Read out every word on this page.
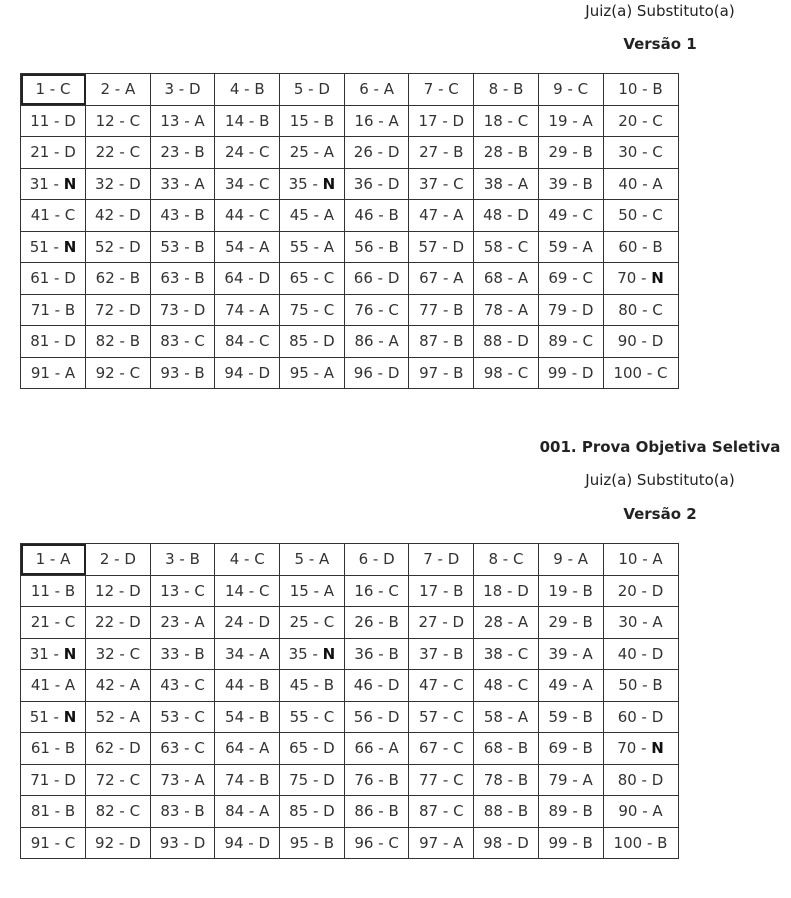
Juiz(a) Substituto(a)
Versão 1
1 - C	2 - A	3 - D	4 - B	5 - D	6 - A	7 - C	8 - B	9 - C	10 - B
11 - D	12 - C	13 - A	14 - B	15 - B	16 - A	17 - D	18 - C	19 - A	20 - C
21 - D	22 - C	23 - B	24 - C	25 - A	26 - D	27 - B	28 - B	29 - B	30 - C
31 - N	32 - D	33 - A	34 - C	35 - N	36 - D	37 - C	38 - A	39 - B	40 - A
41 - C	42 - D	43 - B	44 - C	45 - A	46 - B	47 - A	48 - D	49 - C	50 - C
51 - N	52 - D	53 - B	54 - A	55 - A	56 - B	57 - D	58 - C	59 - A	60 - B
61 - D	62 - B	63 - B	64 - D	65 - C	66 - D	67 - A	68 - A	69 - C	70 - N
71 - B	72 - D	73 - D	74 - A	75 - C	76 - C	77 - B	78 - A	79 - D	80 - C
81 - D	82 - B	83 - C	84 - C	85 - D	86 - A	87 - B	88 - D	89 - C	90 - D
91 - A	92 - C	93 - B	94 - D	95 - A	96 - D	97 - B	98 - C	99 - D	100 - C
001. Prova Objetiva Seletiva
Juiz(a) Substituto(a)
Versão 2
1 - A	2 - D	3 - B	4 - C	5 - A	6 - D	7 - D	8 - C	9 - A	10 - A
11 - B	12 - D	13 - C	14 - C	15 - A	16 - C	17 - B	18 - D	19 - B	20 - D
21 - C	22 - D	23 - A	24 - D	25 - C	26 - B	27 - D	28 - A	29 - B	30 - A
31 - N	32 - C	33 - B	34 - A	35 - N	36 - B	37 - B	38 - C	39 - A	40 - D
41 - A	42 - A	43 - C	44 - B	45 - B	46 - D	47 - C	48 - C	49 - A	50 - B
51 - N	52 - A	53 - C	54 - B	55 - C	56 - D	57 - C	58 - A	59 - B	60 - D
61 - B	62 - D	63 - C	64 - A	65 - D	66 - A	67 - C	68 - B	69 - B	70 - N
71 - D	72 - C	73 - A	74 - B	75 - D	76 - B	77 - C	78 - B	79 - A	80 - D
81 - B	82 - C	83 - B	84 - A	85 - D	86 - B	87 - C	88 - B	89 - B	90 - A
91 - C	92 - D	93 - D	94 - D	95 - B	96 - C	97 - A	98 - D	99 - B	100 - B
